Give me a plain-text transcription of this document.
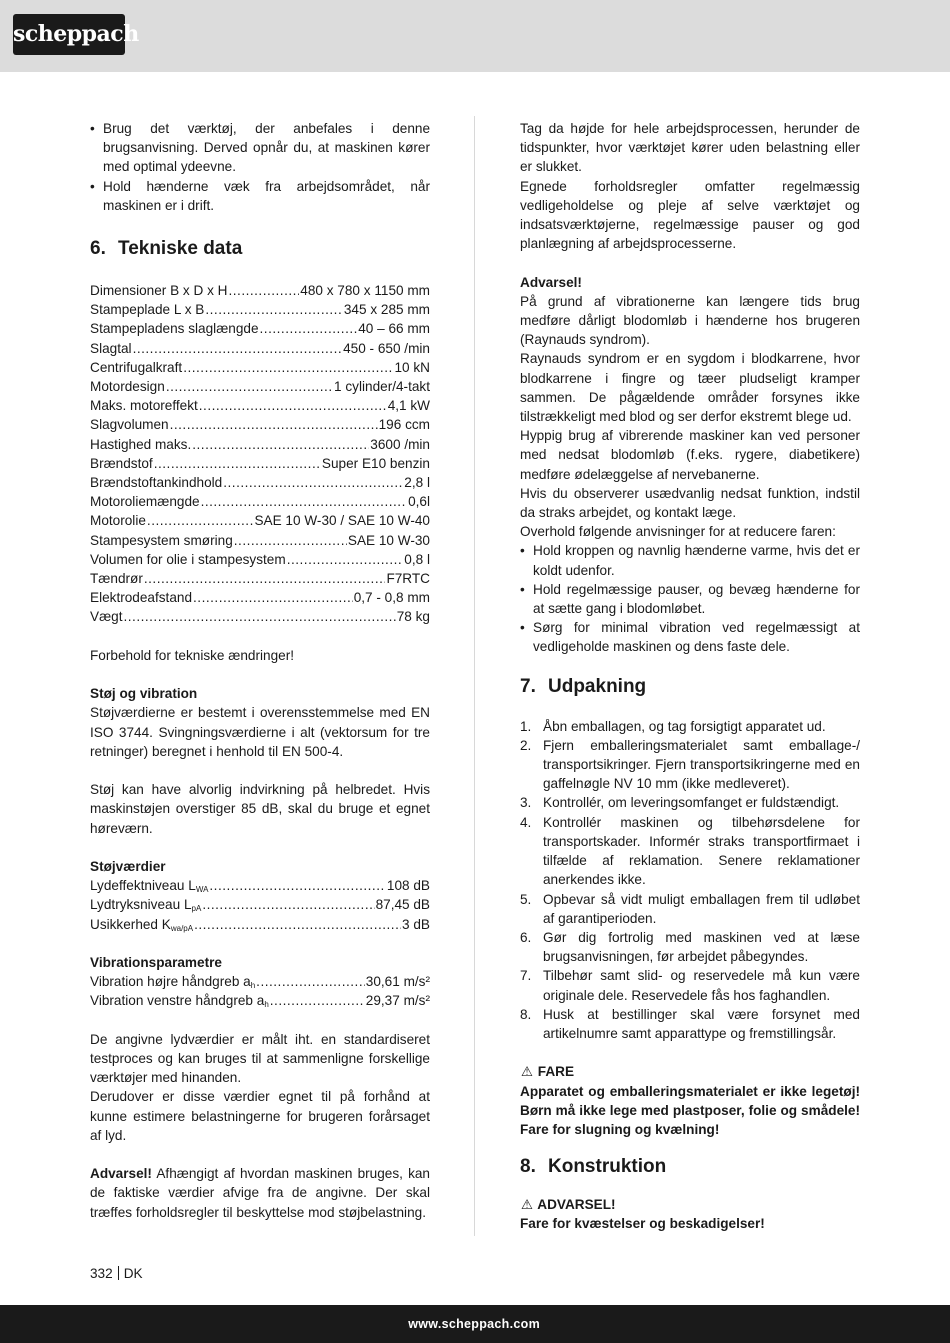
scheppach
• Brug det værktøj, der anbefales i denne brugsanvisning. Derved opnår du, at maskinen kører med optimal ydeevne.
• Hold hænderne væk fra arbejdsområdet, når maskinen er i drift.
6. Tekniske data
Dimensioner B x D x H .....	480 x 780 x 1150 mm
Stampeplade L x B .....	345 x 285 mm
Stampepladens slaglængde .....	40 – 66 mm
Slagtal .....	450 - 650 /min
Centrifugalkraft .....	10 kN
Motordesign .....	1 cylinder/4-takt
Maks. motoreffekt .....	4,1 kW
Slagvolumen .....	196 ccm
Hastighed maks. .....	3600 /min
Brændstof .....	Super E10 benzin
Brændstoftankindhold .....	2,8 l
Motoroliemængde .....	0,6l
Motorolie .....	SAE 10 W-30 / SAE 10 W-40
Stampesystem smøring .....	SAE 10 W-30
Volumen for olie i stampesystem .....	0,8 l
Tændrør .....	F7RTC
Elektrodeafstand .....	0,7 - 0,8 mm
Vægt .....	78 kg

Forbehold for tekniske ændringer!

Støj og vibration

Støjværdierne er bestemt i overensstemmelse med EN ISO 3744. Svingningsværdierne i alt (vektorsum for tre retninger) beregnet i henhold til EN 500-4.

Støj kan have alvorlig indvirkning på helbredet. Hvis maskinstøjen overstiger 85 dB, skal du bruge et egnet høreværn.

Støjværdier

Lydeffektniveau $L_{WA}$ .....	108 dB
Lydtryksniveau $L_{pA}$ .....	87,45 dB
Usikkerhed $K_{wa/pA}$ .....	3 dB

Vibrationsparametre

Vibration højre håndgreb $a_h$ .....	30,61 m/s²
Vibration venstre håndgreb $a_h$ .....	29,37 m/s²

De angivne lydværdier er målt iht. en standardiseret testproces og kan bruges til at sammenligne forskellige værktøjer med hinanden.

Derudover er disse værdier egnet til på forhånd at kunne estimere belastningerne for brugeren forårsaget af lyd.

Advarsel! Afhængigt af hvordan maskinen bruges, kan de faktiske værdier afvige fra de angivne. Der skal træffes forholdsregler til beskyttelse mod støjbelastning.

Tag da højde for hele arbejdsprocessen, herunder de tidspunkter, hvor værktøjet kører uden belastning eller er slukket.

Egnede forholdsregler omfatter regelmæssig vedligeholdelse og pleje af selve værktøjet og indsatsværktøjerne, regelmæssige pauser og god planlægning af arbejdsprocesserne.

Advarsel!

På grund af vibrationerne kan længere tids brug medføre dårligt blodomløb i hænderne hos brugeren (Raynauds syndrom).

Raynauds syndrom er en sygdom i blodkarrene, hvor blodkarrene i fingre og tæer pludseligt kramper sammen. De pågældende områder forsynes ikke tilstrækkeligt med blod og ser derfor ekstremt blege ud.

Hyppig brug af vibrerende maskiner kan ved personer med nedsat blodomløb (f.eks. rygere, diabetikere) medføre ødelæggelse af nervebanerne.

Hvis du observerer usædvanlig nedsat funktion, indstil da straks arbejdet, og kontakt læge.

Overhold følgende anvisninger for at reducere faren:

• Hold kroppen og navnlig hænderne varme, hvis det er koldt udenfor.
• Hold regelmæssige pauser, og bevæg hænderne for at sætte gang i blodomløbet.
• Sørg for minimal vibration ved regelmæssigt at vedligeholde maskinen og dens faste dele.
7. Udpakning
1. Åbn emballagen, og tag forsigtigt apparatet ud.
2. Fjern emballeringsmaterialet samt emballage-/ transportsikringer. Fjern transportsikringerne med en gaffelnøgle NV 10 mm (ikke medleveret).
3. Kontrollér, om leveringsomfanget er fuldstændigt.
4. Kontrollér maskinen og tilbehørsdelene for transportskader. Informér straks transportfirmaet i tilfælde af reklamation. Senere reklamationer anerkendes ikke.
5. Opbevar så vidt muligt emballagen frem til udløbet af garantiperioden.
6. Gør dig fortrolig med maskinen ved at læse brugsanvisningen, før arbejdet påbegyndes.
7. Tilbehør samt slid- og reservedele må kun være originale dele. Reservedele fås hos faghandlen.
8. Husk at bestillinger skal være forsynet med artikelnumre samt apparattype og fremstillingsår.

⚠ FARE

Apparatet og emballeringsmaterialet er ikke legetøj! Børn må ikke lege med plastposer, folie og smådele! Fare for slugning og kvælning!

8. Konstruktion

⚠ ADVARSEL!

Fare for kvæstelser og beskadigelser!

332 DK
www.scheppach.com
